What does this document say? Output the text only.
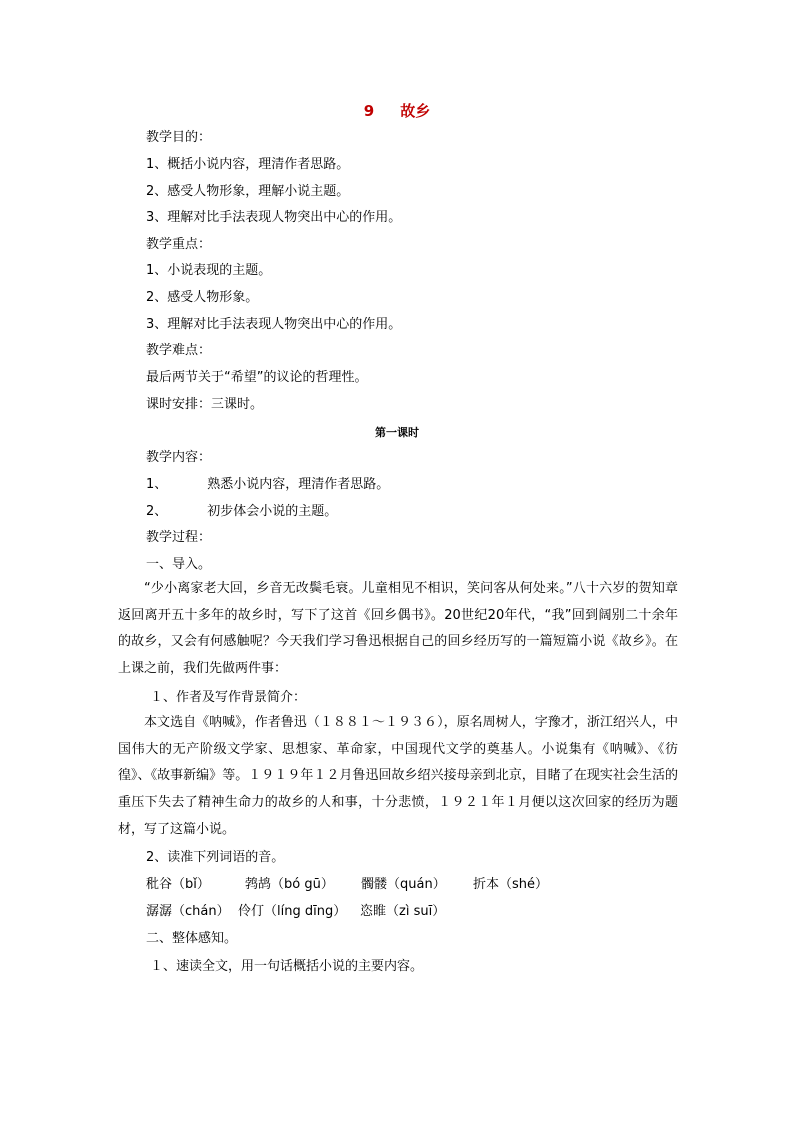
9 故乡
教学目的：
1、概括小说内容，理清作者思路。
2、感受人物形象，理解小说主题。
3、理解对比手法表现人物突出中心的作用。
教学重点：
1、小说表现的主题。
2、感受人物形象。
3、理解对比手法表现人物突出中心的作用。
教学难点：
最后两节关于“希望”的议论的哲理性。
课时安排：三课时。
第一课时
教学内容：
1、	熟悉小说内容，理清作者思路。
2、	初步体会小说的主题。
教学过程：
一、导入。
“少小离家老大回，乡音无改鬓毛衰。儿童相见不相识，笑问客从何处来。”八十六岁的贺知章返回离开五十多年的故乡时，写下了这首《回乡偶书》。20世纪20年代，“我”回到阔别二十余年的故乡，又会有何感触呢？今天我们学习鲁迅根据自己的回乡经历写的一篇短篇小说《故乡》。在上课之前，我们先做两件事：
１、作者及写作背景简介：
本文选自《呐喊》，作者鲁迅（１８８１～１９３６），原名周树人，字豫才，浙江绍兴人，中国伟大的无产阶级文学家、思想家、革命家，中国现代文学的奠基人。小说集有《呐喊》、《彷徨》、《故事新编》等。１９１９年１２月鲁迅回故乡绍兴接母亲到北京，目睹了在现实社会生活的重压下失去了精神生命力的故乡的人和事，十分悲愤，１９２１年１月便以这次回家的经历为题材，写了这篇小说。
2、读准下列词语的音。
秕谷（bǐ）	鹁鸪（bó gū） 髑髅（quán） 折本（shé）
潺潺（chán） 伶仃（líng dīng） 恣睢（zì suī）
二、整体感知。
１、速读全文，用一句话概括小说的主要内容。
